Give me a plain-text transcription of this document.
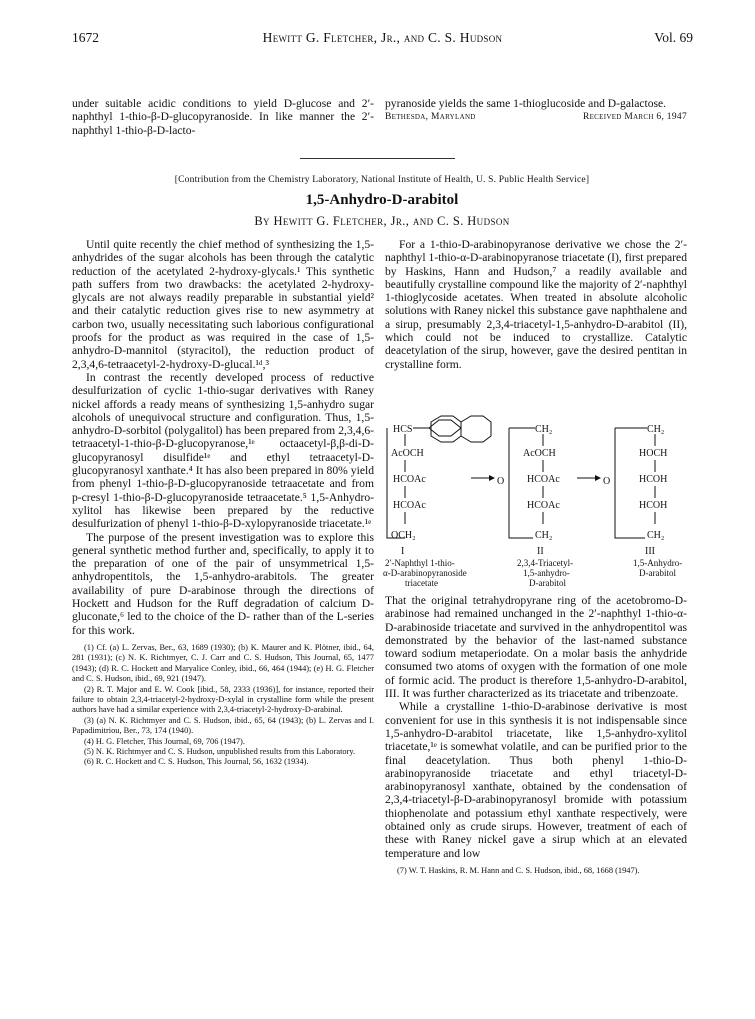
1672	Hewitt G. Fletcher, Jr., and C. S. Hudson	Vol. 69

under suitable acidic conditions to yield D-glucose and 2′-naphthyl 1-thio-β-D-glucopyranoside. In like manner the 2′-naphthyl 1-thio-β-D-lacto-

pyranoside yields the same 1-thioglucoside and D-galactose.

Bethesda, Maryland	Received March 6, 1947
[Contribution from the Chemistry Laboratory, National Institute of Health, U. S. Public Health Service]
1,5-Anhydro-D-arabitol
By Hewitt G. Fletcher, Jr., and C. S. Hudson

Until quite recently the chief method of synthesizing the 1,5-anhydrides of the sugar alcohols has been through the catalytic reduction of the acetylated 2-hydroxy-glycals.¹ This synthetic path suffers from two drawbacks: the acetylated 2-hydroxy-glycals are not always readily preparable in substantial yield² and their catalytic reduction gives rise to new asymmetry at carbon two, usually necessitating such laborious configurational proofs for the product as was required in the case of 1,5-anhydro-D-mannitol (styracitol), the reduction product of 2,3,4,6-tetraacetyl-2-hydroxy-D-glucal.¹ᵈ,³

In contrast the recently developed process of reductive desulfurization of cyclic 1-thio-sugar derivatives with Raney nickel affords a ready means of synthesizing 1,5-anhydro sugar alcohols of unequivocal structure and configuration. Thus, 1,5-anhydro-D-sorbitol (polygalitol) has been prepared from 2,3,4,6-tetraacetyl-1-thio-β-D-glucopyranose,¹ᵉ octaacetyl-β,β-di-D-glucopyranosyl disulfide¹ᵉ and ethyl tetraacetyl-D-glucopyranosyl xanthate.⁴ It has also been prepared in 80% yield from phenyl 1-thio-β-D-glucopyranoside tetraacetate and from p-cresyl 1-thio-β-D-glucopyranoside tetraacetate.⁵ 1,5-Anhydro-xylitol has likewise been prepared by the reductive desulfurization of phenyl 1-thio-β-D-xylopyranoside triacetate.¹ᵉ

The purpose of the present investigation was to explore this general synthetic method further and, specifically, to apply it to the preparation of one of the pair of unsymmetrical 1,5-anhydropentitols, the 1,5-anhydro-arabitols. The greater availability of pure D-arabinose through the directions of Hockett and Hudson for the Ruff degradation of calcium D-gluconate,⁶ led to the choice of the D- rather than of the L-series for this work.

(1) Cf. (a) L. Zervas, Ber., 63, 1689 (1930); (b) K. Maurer and K. Plötner, ibid., 64, 281 (1931); (c) N. K. Richtmyer, C. J. Carr and C. S. Hudson, This Journal, 65, 1477 (1943); (d) R. C. Hockett and Maryalice Conley, ibid., 66, 464 (1944); (e) H. G. Fletcher and C. S. Hudson, ibid., 69, 921 (1947).
(2) R. T. Major and E. W. Cook [ibid., 58, 2333 (1936)], for instance, reported their failure to obtain 2,3,4-triacetyl-2-hydroxy-D-xylal in crystalline form while the present authors have had a similar experience with 2,3,4-triacetyl-2-hydroxy-D-arabinal.
(3) (a) N. K. Richtmyer and C. S. Hudson, ibid., 65, 64 (1943); (b) L. Zervas and I. Papadimitriou, Ber., 73, 174 (1940).
(4) H. G. Fletcher, This Journal, 69, 706 (1947).
(5) N. K. Richtmyer and C. S. Hudson, unpublished results from this Laboratory.
(6) R. C. Hockett and C. S. Hudson, This Journal, 56, 1632 (1934).

For a 1-thio-D-arabinopyranose derivative we chose the 2′-naphthyl 1-thio-α-D-arabinopyranose triacetate (I), first prepared by Haskins, Hann and Hudson,⁷ a readily available and beautifully crystalline compound like the majority of 2′-naphthyl 1-thioglycoside acetates. When treated in absolute alcoholic solutions with Raney nickel this substance gave naphthalene and a sirup, presumably 2,3,4-triacetyl-1,5-anhydro-D-arabitol (II), which could not be induced to crystallize. Catalytic deacetylation of the sirup, however, gave the desired pentitan in crystalline form.

HCS
AcOCH
HCOAc
HCOAc
OCH₂
I
2′-Naphthyl 1-thio-
α-D-arabinopyranoside
triacetate
O
CH₂
AcOCH
HCOAc
HCOAc
CH₂
II
2,3,4-Triacetyl-
1,5-anhydro-
D-arabitol
O
CH₂
HOCH
HCOH
HCOH
CH₂
III
1,5-Anhydro-
D-arabitol

That the original tetrahydropyrane ring of the acetobromo-D-arabinose had remained unchanged in the 2′-naphthyl 1-thio-α-D-arabinoside triacetate and survived in the anhydropentitol was demonstrated by the behavior of the last-named substance toward sodium metaperiodate. On a molar basis the anhydride consumed two atoms of oxygen with the formation of one mole of formic acid. The product is therefore 1,5-anhydro-D-arabitol, III. It was further characterized as its triacetate and tribenzoate.

While a crystalline 1-thio-D-arabinose derivative is most convenient for use in this synthesis it is not indispensable since 1,5-anhydro-D-arabitol triacetate, like 1,5-anhydro-xylitol triacetate,¹ᵉ is somewhat volatile, and can be purified prior to the final deacetylation. Thus both phenyl 1-thio-D-arabinopyranoside triacetate and ethyl triacetyl-D-arabinopyranosyl xanthate, obtained by the condensation of 2,3,4-triacetyl-β-D-arabinopyranosyl bromide with potassium thiophenolate and potassium ethyl xanthate respectively, were obtained only as crude sirups. However, treatment of each of these with Raney nickel gave a sirup which at an elevated temperature and low

(7) W. T. Haskins, R. M. Hann and C. S. Hudson, ibid., 68, 1668 (1947).
